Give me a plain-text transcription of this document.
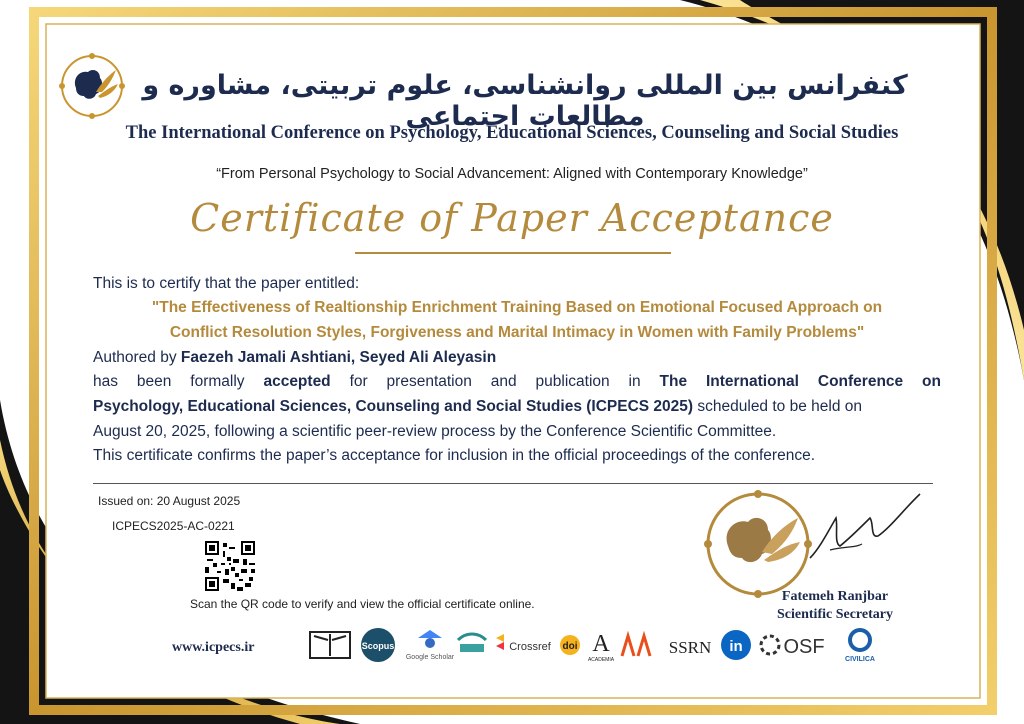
کنفرانس بین المللی روانشناسی، علوم تربیتی، مشاوره و مطالعات اجتماعی
The International Conference on Psychology, Educational Sciences, Counseling and Social Studies
“From Personal Psychology to Social Advancement: Aligned with Contemporary Knowledge”
Certificate of Paper Acceptance
This is to certify that the paper entitled:
"The Effectiveness of Realtionship Enrichment Training Based on Emotional Focused Approach on
Conflict Resolution Styles, Forgiveness and Marital Intimacy in Women with Family Problems"
Authored by Faezeh Jamali Ashtiani, Seyed Ali Aleyasin
has been formally accepted for presentation and publication in The International Conference on
Psychology, Educational Sciences, Counseling and Social Studies (ICPECS 2025) scheduled to be held on
August 20, 2025, following a scientific peer-review process by the Conference Scientific Committee.
This certificate confirms the paper’s acceptance for inclusion in the official proceedings of the conference.
Issued on: 20 August 2025
ICPECS2025-AC-0221
Scan the QR code to verify and view the official certificate online.	Fatemeh Ranjbar
Scientific Secretary
www.icpecs.ir	Scopus
Google Scholar
Crossref doi A
ACADEMIA
SSRN in OSF
CIVILICA
